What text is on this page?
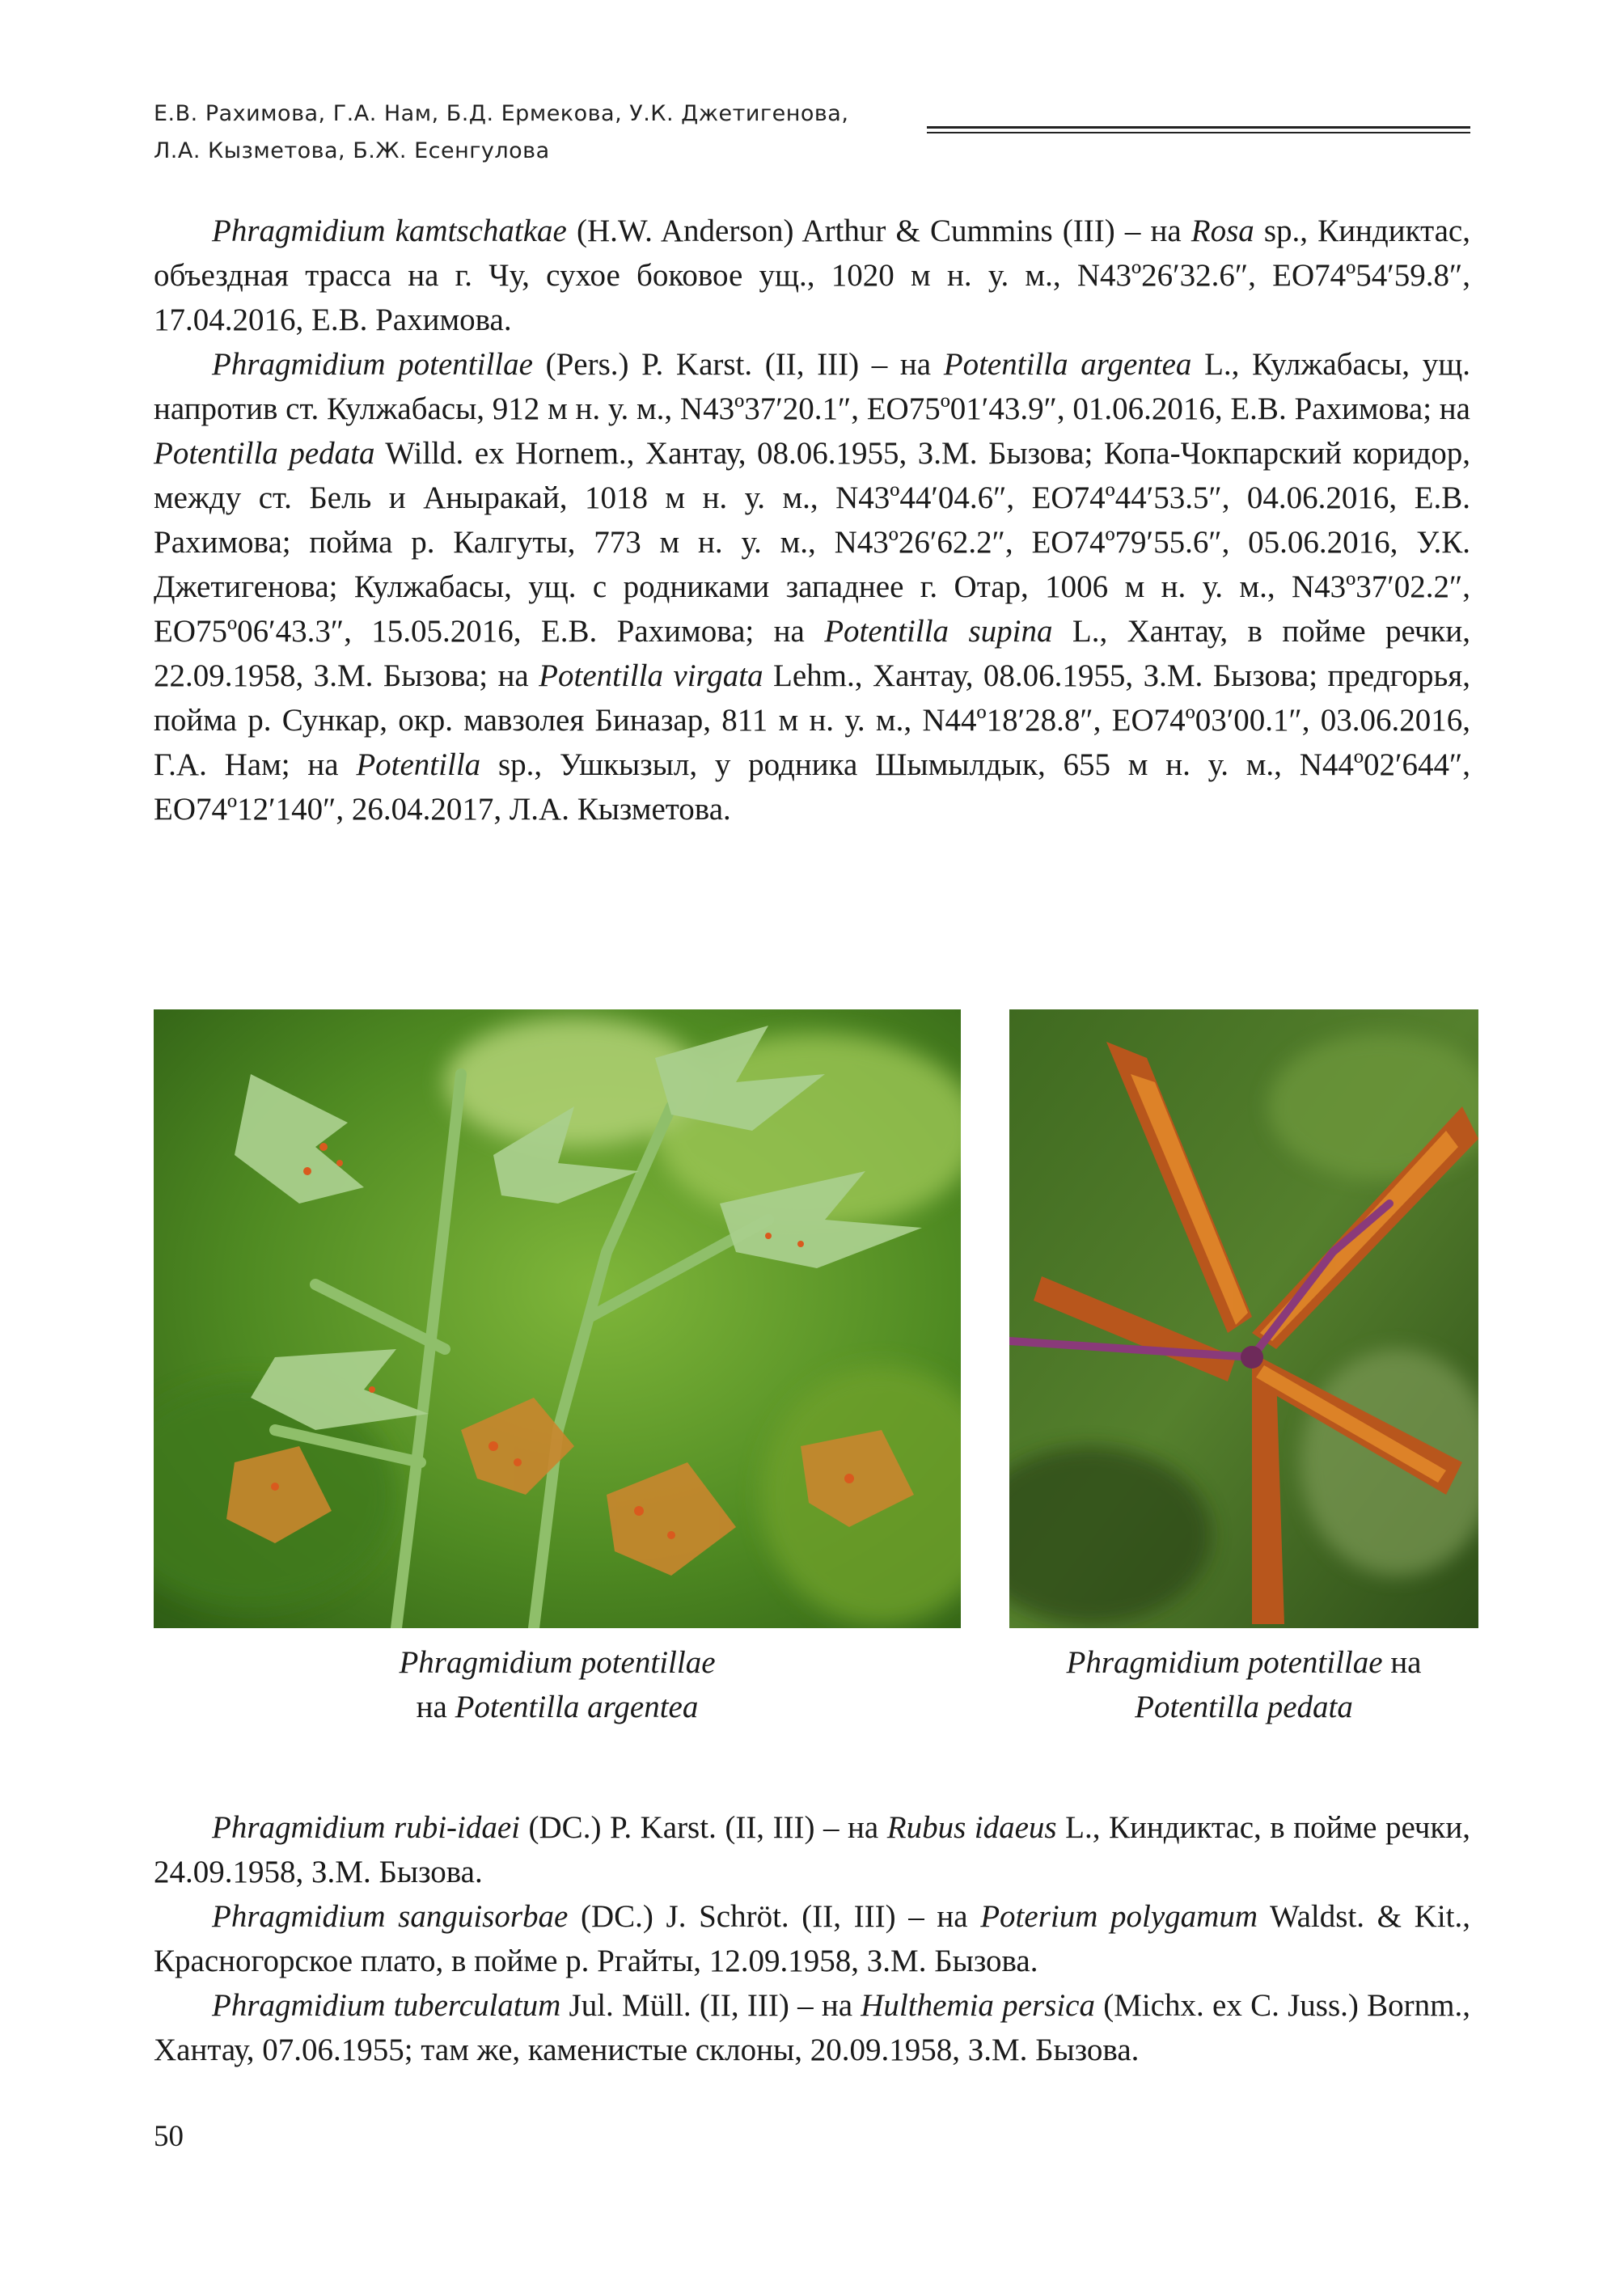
Е.В. Рахимова, Г.А. Нам, Б.Д. Ермекова, У.К. Джетигенова,
Л.А. Кызметова, Б.Ж. Есенгулова

Phragmidium kamtschatkae (H.W. Anderson) Arthur & Cummins (III) – на Rosa sp., Киндиктас, объездная трасса на г. Чу, сухое боковое ущ., 1020 м н. у. м., N43º26′32.6″, EO74º54′59.8″, 17.04.2016, Е.В. Рахимова.

Phragmidium potentillae (Pers.) P. Karst. (II, III) – на Potentilla argentea L., Кулжабасы, ущ. напротив ст. Кулжабасы, 912 м н. у. м., N43º37′20.1″, EO75º01′43.9″, 01.06.2016, Е.В. Рахимова; на Potentilla pedata Willd. ex Hornem., Хантау, 08.06.1955, З.М. Бызова; Копа-Чокпарский коридор, между ст. Бель и Аныракай, 1018 м н. у. м., N43º44′04.6″, EO74º44′53.5″, 04.06.2016, Е.В. Рахимова; пойма р. Калгуты, 773 м н. у. м., N43º26′62.2″, EO74º79′55.6″, 05.06.2016, У.К. Джетигенова; Кулжабасы, ущ. с родниками западнее г. Отар, 1006 м н. у. м., N43º37′02.2″, EO75º06′43.3″, 15.05.2016, Е.В. Рахимова; на Potentilla supina L., Хантау, в пойме речки, 22.09.1958, З.М. Бызова; на Potentilla virgata Lehm., Хантау, 08.06.1955, З.М. Бызова; предгорья, пойма р. Сункар, окр. мавзолея Биназар, 811 м н. у. м., N44º18′28.8″, EO74º03′00.1″, 03.06.2016, Г.А. Нам; на Potentilla sp., Ушкызыл, у родника Шымылдык, 655 м н. у. м., N44º02′644″, EO74º12′140″, 26.04.2017, Л.А. Кызметова.

Phragmidium potentillae
на Potentilla argentea
Phragmidium potentillae на
Potentilla pedata

Phragmidium rubi-idaei (DC.) P. Karst. (II, III) – на Rubus idaeus L., Киндиктас, в пойме речки, 24.09.1958, З.М. Бызова.

Phragmidium sanguisorbae (DC.) J. Schröt. (II, III) – на Poterium polygamum Waldst. & Kit., Красногорское плато, в пойме р. Ргайты, 12.09.1958, З.М. Бызова.

Phragmidium tuberculatum Jul. Müll. (II, III) – на Hulthemia persica (Michx. ex C. Juss.) Bornm., Хантау, 07.06.1955; там же, каменистые склоны, 20.09.1958, З.М. Бызова.

50
